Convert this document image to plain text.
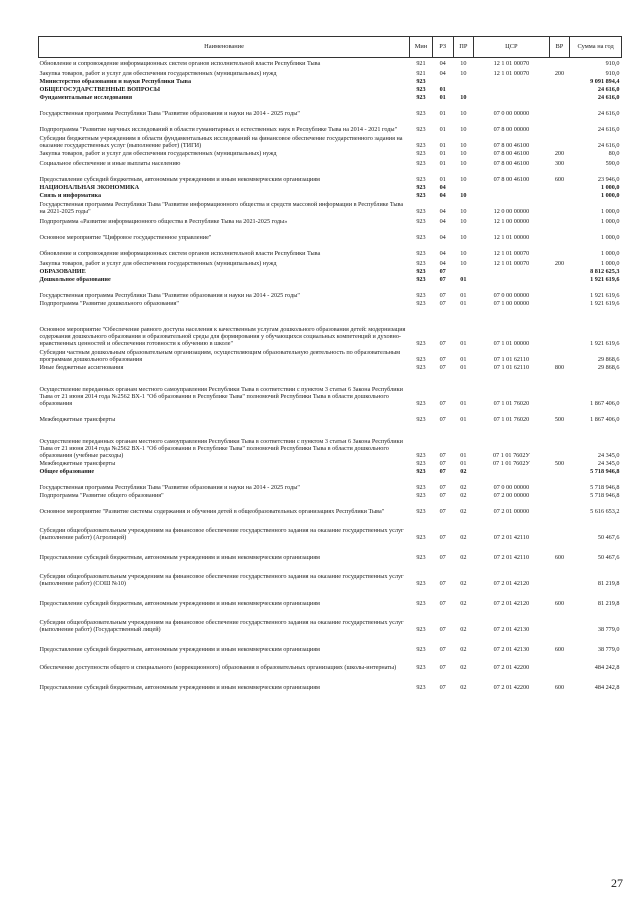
Наименование	Мин	РЗ	ПР	ЦСР	ВР	Сумма на год
Обновление и сопровождение информационных систем органов исполнительной власти Республики Тыва	921	04	10	12 1 01 00070		910,0
Закупка товаров, работ и услуг для обеспечения государственных (муниципальных) нужд	921	04	10	12 1 01 00070	200	910,0
Министерство образования и науки Республики Тыва	923					9 091 894,4
ОБЩЕГОСУДАРСТВЕННЫЕ ВОПРОСЫ	923	01				24 616,0
Фундаментальные исследования	923	01	10			24 616,0
Государственная программа Республики Тыва "Развитие образования и науки на 2014 - 2025 годы"	923	01	10	07 0 00 00000		24 616,0
Подпрограмма "Развитие научных исследований в области гуманитарных и естественных наук в Республике Тыва на 2014 - 2021 годы"	923	01	10	07 8 00 00000		24 616,0
Субсидии бюджетным учреждениям в области фундаментальных исследований на финансовое обеспечение государственного задания на оказание государственных услуг (выполнение работ) (ТИГИ)	923	01	10	07 8 00 46100		24 616,0
Закупка товаров, работ и услуг для обеспечения государственных (муниципальных) нужд	923	01	10	07 8 00 46100	200	80,0
Социальное обеспечение и иные выплаты населению	923	01	10	07 8 00 46100	300	590,0
Предоставление субсидий бюджетным, автономным учреждениям и иным некоммерческим организациям	923	01	10	07 8 00 46100	600	23 946,0
НАЦИОНАЛЬНАЯ ЭКОНОМИКА	923	04				1 000,0
Связь и информатика	923	04	10			1 000,0
Государственная программа Республики Тыва "Развитие информационного общества и средств массовой информации в Республике Тыва на 2021-2025 годы"	923	04	10	12 0 00 00000		1 000,0
Подпрограмма «Развитие информационного общества в Республике Тыва на 2021-2025 годы»	923	04	10	12 1 00 00000		1 000,0
Основное мероприятие "Цифровое государственное управление"	923	04	10	12 1 01 00000		1 000,0
Обновление и сопровождение информационных систем органов исполнительной власти Республики Тыва	923	04	10	12 1 01 00070		1 000,0
Закупка товаров, работ и услуг для обеспечения государственных (муниципальных) нужд	923	04	10	12 1 01 00070	200	1 000,0
ОБРАЗОВАНИЕ	923	07				8 812 625,3
Дошкольное образование	923	07	01			1 921 619,6
Государственная программа Республики Тыва "Развитие образования и науки на 2014 - 2025 годы"	923	07	01	07 0 00 00000		1 921 619,6
Подпрограмма "Развитие дошкольного образования"	923	07	01	07 1 00 00000		1 921 619,6
Основное мероприятие "Обеспечение равного доступа населения к качественным услугам дошкольного образования детей: модернизация содержания дошкольного образования и образовательной среды для формирования у обучающихся социальных компетенций и духовно-нравственных ценностей и обеспечения готовности к обучению в школе"	923	07	01	07 1 01 00000		1 921 619,6
Субсидии частным дошкольным образовательным организациям, осуществляющим образовательную деятельность по образовательным программам дошкольного образования	923	07	01	07 1 01 62110		29 868,6
Иные бюджетные ассигнования	923	07	01	07 1 01 62110	800	29 868,6
Осуществление переданных органам местного самоуправления Республики Тыва в соответствии с пунктом 3 статьи 6 Закона Республики Тыва от 21 июня 2014 года №2562 ВХ-1 "Об образовании в Республике Тыва" полномочий Республики Тыва в области дошкольного образования	923	07	01	07 1 01 76020		1 867 406,0
Межбюджетные трансферты	923	07	01	07 1 01 76020	500	1 867 406,0
Осуществление переданных органам местного самоуправления Республики Тыва в соответствии с пунктом 3 статьи 6 Закона Республики Тыва от 21 июня 2014 года №2562 ВХ-1 "Об образовании в Республике Тыва" полномочий Республики Тыва в области дошкольного образования (учебные расходы)	923	07	01	07 1 01 7602У		24 345,0
Межбюджетные трансферты	923	07	01	07 1 01 7602У	500	24 345,0
Общее образование	923	07	02			5 718 946,8
Государственная программа Республики Тыва "Развитие образования и науки на 2014 - 2025 годы"	923	07	02	07 0 00 00000		5 718 946,8
Подпрограмма "Развитие общего образования"	923	07	02	07 2 00 00000		5 718 946,8
Основное мероприятие "Развитие системы содержания и обучения детей в общеобразовательных организациях Республики Тыва"	923	07	02	07 2 01 00000		5 616 653,2
Субсидии общеобразовательным учреждениям на финансовое обеспечение государственного задания на оказание государственных услуг (выполнение работ) (Агролицей)	923	07	02	07 2 01 42110		50 467,6
Предоставление субсидий бюджетным, автономным учреждениям и иным некоммерческим организациям	923	07	02	07 2 01 42110	600	50 467,6
Субсидии общеобразовательным учреждениям на финансовое обеспечение государственного задания на оказание государственных услуг (выполнение работ) (СОШ №10)	923	07	02	07 2 01 42120		81 219,8
Предоставление субсидий бюджетным, автономным учреждениям и иным некоммерческим организациям	923	07	02	07 2 01 42120	600	81 219,8
Субсидии общеобразовательным учреждениям на финансовое обеспечение государственного задания на оказание государственных услуг (выполнение работ) (Государственный лицей)	923	07	02	07 2 01 42130		38 779,0
Предоставление субсидий бюджетным, автономным учреждениям и иным некоммерческим организациям	923	07	02	07 2 01 42130	600	38 779,0
Обеспечение доступности общего и специального (коррекционного) образования в образовательных организациях (школы-интернаты)	923	07	02	07 2 01 42200		484 242,8
Предоставление субсидий бюджетным, автономным учреждениям и иным некоммерческим организациям	923	07	02	07 2 01 42200	600	484 242,8
27
